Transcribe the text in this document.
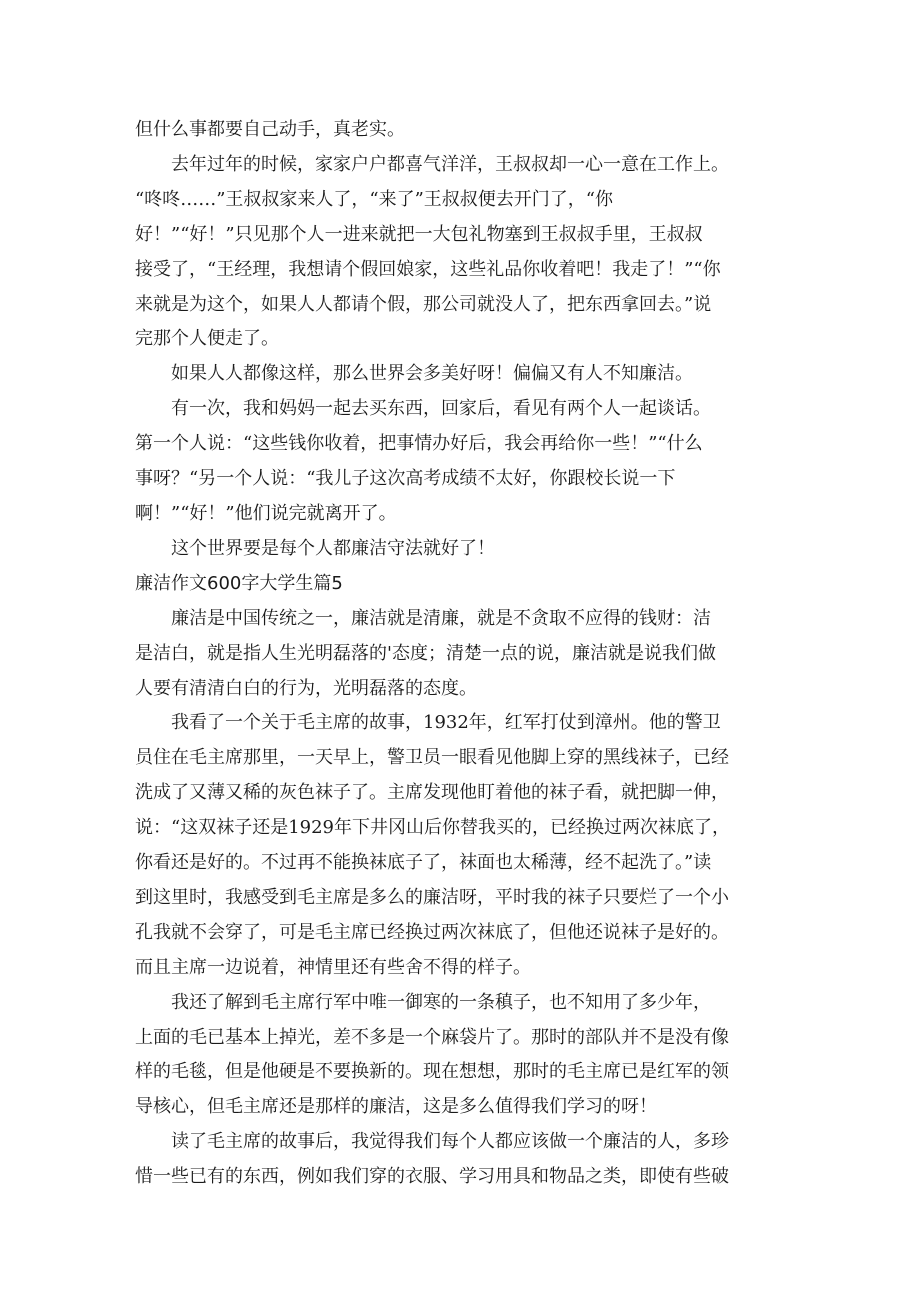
但什么事都要自己动手，真老实。

去年过年的时候，家家户户都喜气洋洋，王叔叔却一心一意在工作上。

“咚咚……”王叔叔家来人了，“来了”王叔叔便去开门了，“你

好！”“好！”只见那个人一进来就把一大包礼物塞到王叔叔手里，王叔叔

接受了，“王经理，我想请个假回娘家，这些礼品你收着吧！我走了！”“你

来就是为这个，如果人人都请个假，那公司就没人了，把东西拿回去。”说

完那个人便走了。

如果人人都像这样，那么世界会多美好呀！偏偏又有人不知廉洁。

有一次，我和妈妈一起去买东西，回家后，看见有两个人一起谈话。

第一个人说：“这些钱你收着，把事情办好后，我会再给你一些！”“什么

事呀？“另一个人说：“我儿子这次高考成绩不太好，你跟校长说一下

啊！”“好！”他们说完就离开了。

这个世界要是每个人都廉洁守法就好了！

廉洁作文600字大学生篇5

廉洁是中国传统之一，廉洁就是清廉，就是不贪取不应得的钱财：洁

是洁白，就是指人生光明磊落的'态度；清楚一点的说，廉洁就是说我们做

人要有清清白白的行为，光明磊落的态度。

我看了一个关于毛主席的故事，1932年，红军打仗到漳州。他的警卫

员住在毛主席那里，一天早上，警卫员一眼看见他脚上穿的黑线袜子，已经

洗成了又薄又稀的灰色袜子了。主席发现他盯着他的袜子看，就把脚一伸，

说：“这双袜子还是1929年下井冈山后你替我买的，已经换过两次袜底了，

你看还是好的。不过再不能换袜底子了，袜面也太稀薄，经不起洗了。”读

到这里时，我感受到毛主席是多么的廉洁呀，平时我的袜子只要烂了一个小

孔我就不会穿了，可是毛主席已经换过两次袜底了，但他还说袜子是好的。

而且主席一边说着，神情里还有些舍不得的样子。

我还了解到毛主席行军中唯一御寒的一条稹子，也不知用了多少年，

上面的毛已基本上掉光，差不多是一个麻袋片了。那时的部队并不是没有像

样的毛毯，但是他硬是不要换新的。现在想想，那时的毛主席已是红军的领

导核心，但毛主席还是那样的廉洁，这是多么值得我们学习的呀！

读了毛主席的故事后，我觉得我们每个人都应该做一个廉洁的人，多珍

惜一些已有的东西，例如我们穿的衣服、学习用具和物品之类，即使有些破
